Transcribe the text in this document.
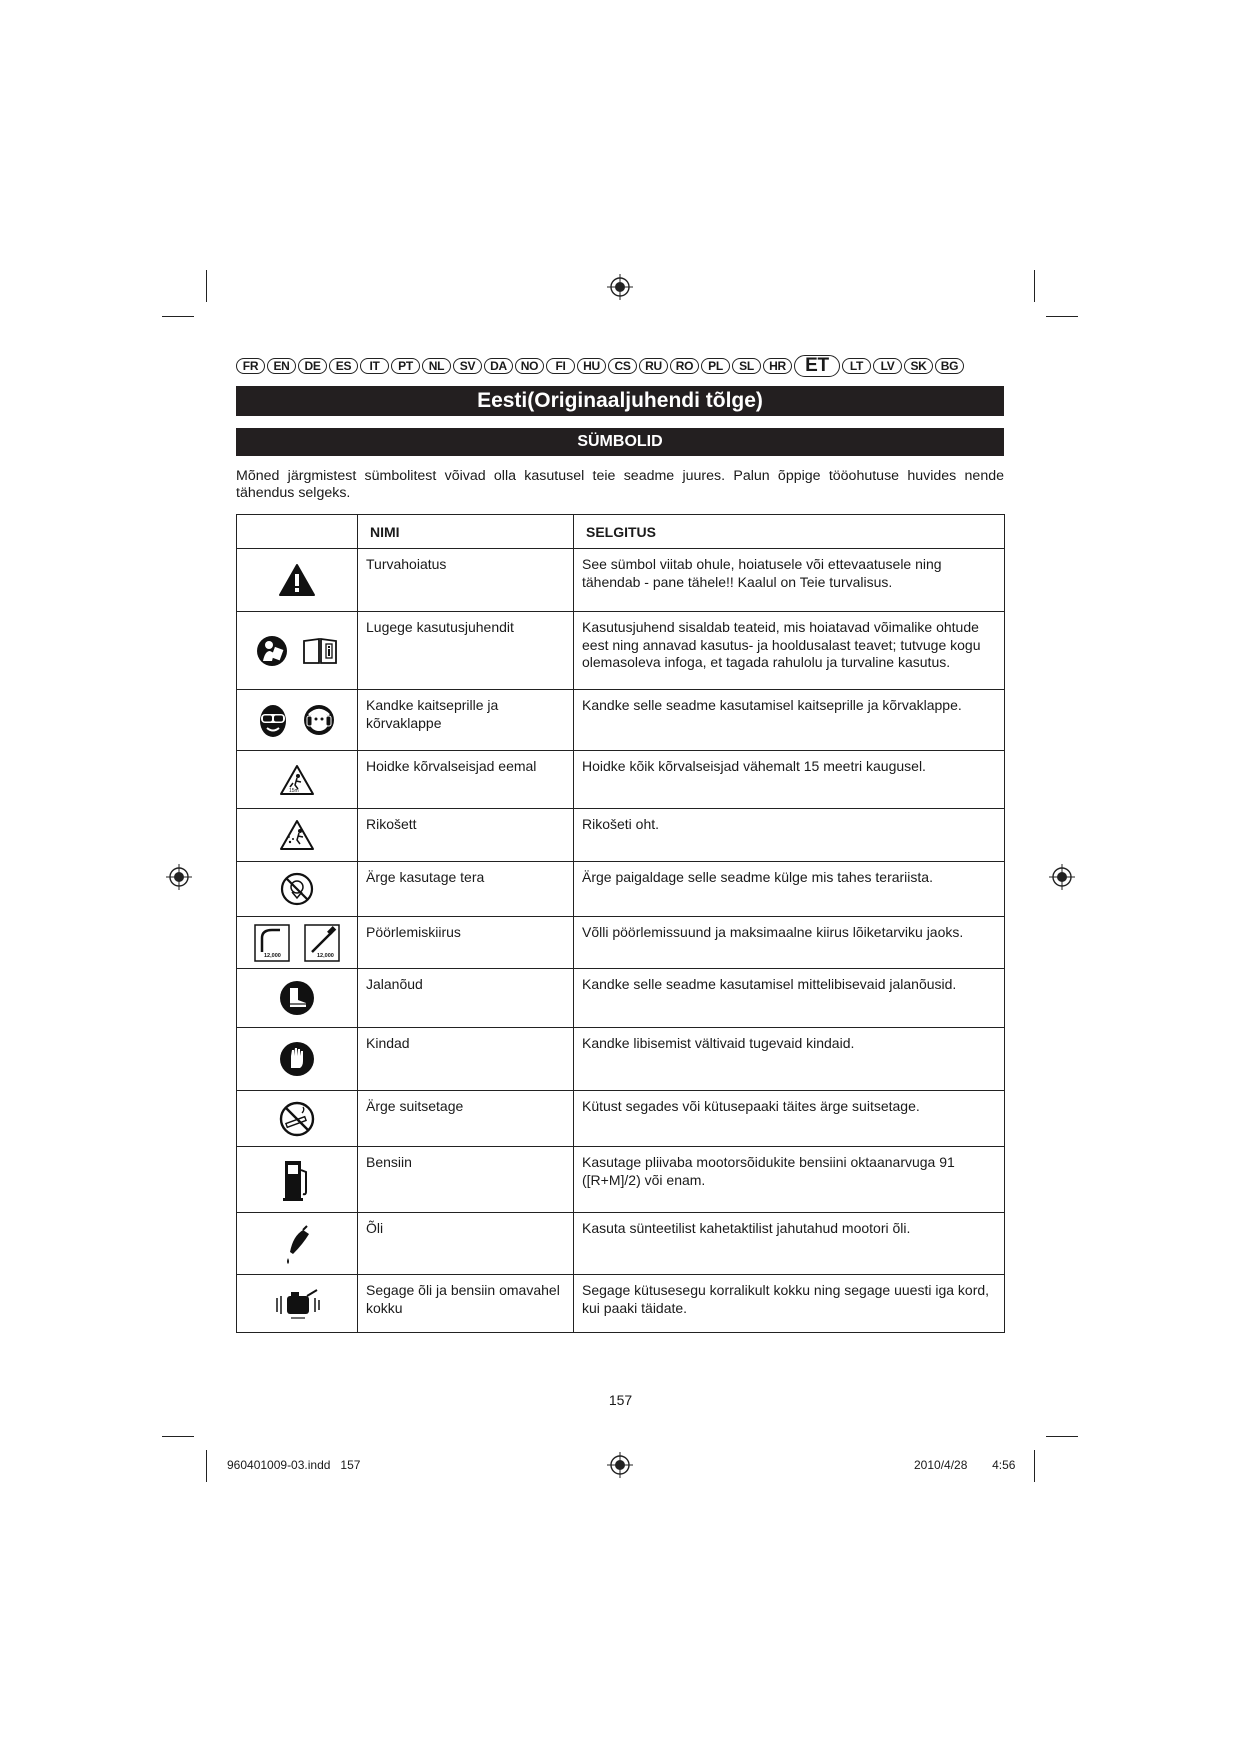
FR	EN	DE	ES	IT	PT	NL	SV	DA	NO	FI	HU	CS	RU	RO	PL	SL	HR	ET	LT	LV	SK	BG
Eesti(Originaaljuhendi tõlge)
SÜMBOLID
Mõned järgmistest sümbolitest võivad olla kasutusel teie seadme juures. Palun õppige tööohutuse huvides nende tähendus selgeks.
	NIMI	SELGITUS

Turvahoiatus	See sümbol viitab ohule, hoiatusele või ettevaatusele ning tähendab - pane tähele!! Kaalul on Teie turvalisus.

Lugege kasutusjuhendit	Kasutusjuhend sisaldab teateid, mis hoiatavad võimalike ohtude eest ning annavad kasutus- ja hooldusalast teavet; tutvuge kogu olemasoleva infoga, et tagada rahulolu ja turvaline kasutus.

Kandke kaitseprille ja kõrvaklappe	Kandke selle seadme kasutamisel kaitseprille ja kõrvaklappe.

15m	Hoidke kõrvalseisjad eemal	Hoidke kõik kõrvalseisjad vähemalt 15 meetri kaugusel.

Rikošett	Rikošeti oht.

Ärge kasutage tera	Ärge paigaldage selle seadme külge mis tahes terariista.

12,000 12,000	Pöörlemiskiirus	Võlli pöörlemissuund ja maksimaalne kiirus lõiketarviku jaoks.

Jalanõud	Kandke selle seadme kasutamisel mittelibisevaid jalanõusid.

Kindad	Kandke libisemist vältivaid tugevaid kindaid.

Ärge suitsetage	Kütust segades või kütusepaaki täites ärge suitsetage.

Bensiin	Kasutage pliivaba mootorsõidukite bensiini oktaanarvuga 91 ([R+M]/2) või enam.

Õli	Kasuta sünteetilist kahetaktilist jahutahud mootori õli.

Segage õli ja bensiin omavahel kokku	Segage kütusesegu korralikult kokku ning segage uuesti iga kord, kui paaki täidate.
157
960401009-03.indd   157	2010/4/28 4:56
